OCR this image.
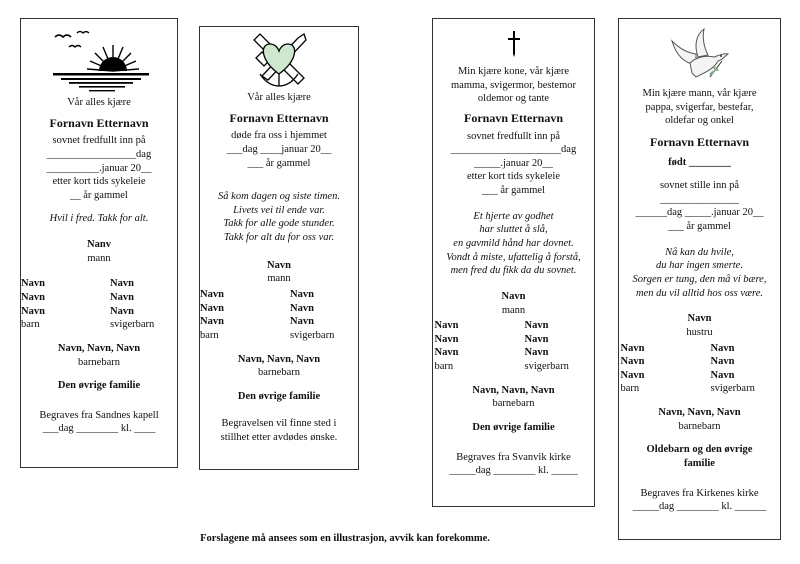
Vår alles kjære

Fornavn Etternavn

sovnet fredfullt inn på

_________________dag

__________.januar 20__

etter kort tids sykeleie

__ år gammel

Hvil i fred. Takk for alt.

Nanv

mann

Navn

Navn

Navn

barn

Navn

Navn

Navn

svigerbarn

Navn, Navn, Navn

barnebarn

Den øvrige familie

Begraves fra Sandnes kapell

___dag ________ kl. ____

Vår alles kjære

Fornavn Etternavn

døde fra oss i hjemmet

___dag ____januar 20__

___ år gammel

Så kom dagen og siste timen.

Livets vei til ende var.

Takk for alle gode stunder.

Takk for alt du for oss var.

Navn

mann

Navn

Navn

Navn

barn

Navn

Navn

Navn

svigerbarn

Navn, Navn, Navn

barnebarn

Den øvrige familie

Begravelsen vil finne sted i

stillhet etter avdødes ønske.

Min kjære kone, vår kjære

mamma, svigermor, bestemor

oldemor og tante

Fornavn Etternavn

sovnet fredfullt inn på

_____________________dag

_____.januar 20__

etter kort tids sykeleie

___ år gammel

Et hjerte av godhet

har sluttet å slå,

en gavmild hånd har dovnet.

Vondt å miste, ufattelig å forstå,

men fred du fikk da du sovnet.

Navn

mann

Navn

Navn

Navn

barn

Navn

Navn

Navn

svigerbarn

Navn, Navn, Navn

barnebarn

Den øvrige familie

Begraves fra Svanvik kirke

_____dag ________ kl. _____

Min kjære mann, vår kjære

pappa, svigerfar, bestefar,

oldefar og onkel

Fornavn Etternavn

født ________

sovnet stille inn på

_______________

______dag _____.januar 20__

___ år gammel

Nå kan du hvile,

du har ingen smerte.

Sorgen er tung, den må vi bære,

men du vil alltid hos oss være.

Navn

hustru

Navn

Navn

Navn

barn

Navn

Navn

Navn

svigerbarn

Navn, Navn, Navn

barnebarn

Oldebarn og den øvrige

familie

Begraves fra Kirkenes kirke

_____dag ________ kl. ______

Forslagene må ansees som en illustrasjon, avvik kan forekomme.
